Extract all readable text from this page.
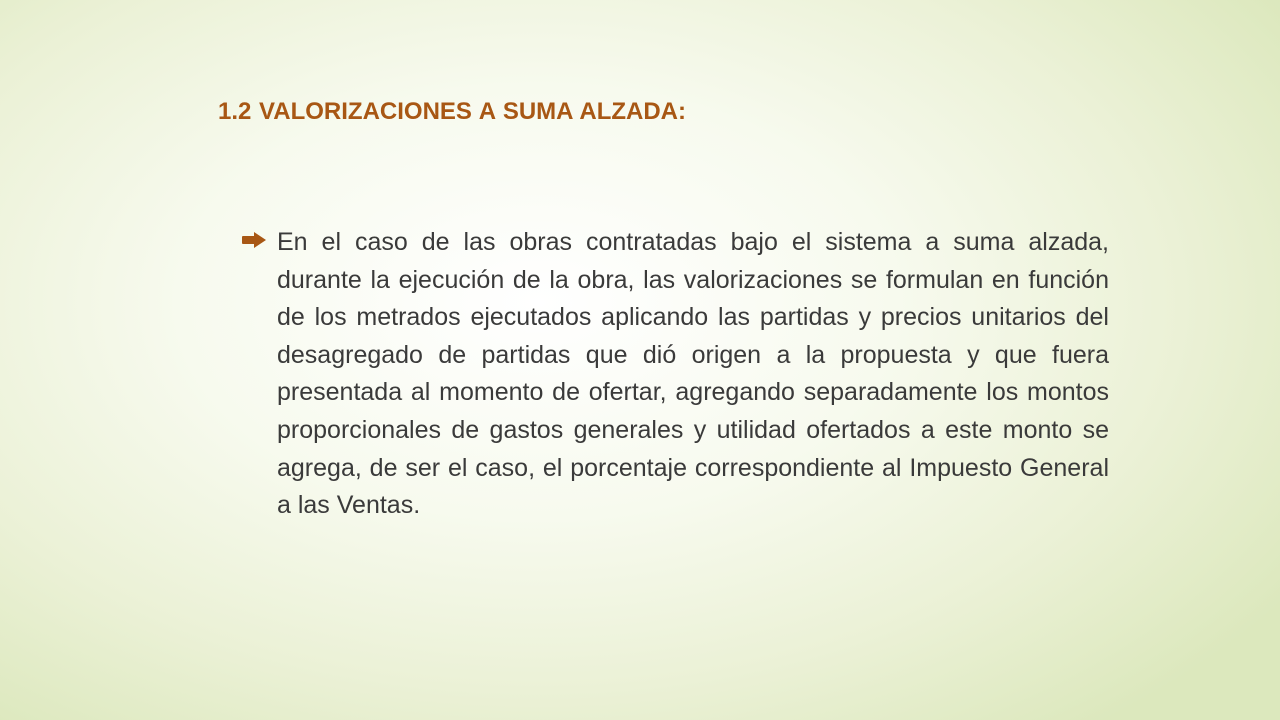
1.2 VALORIZACIONES A SUMA ALZADA:

En el caso de las obras contratadas bajo el sistema a suma alzada, durante la ejecución de la obra, las valorizaciones se formulan en función de los metrados ejecutados aplicando las partidas y precios unitarios del desagregado de partidas que dió origen a la propuesta y que fuera presentada al momento de ofertar, agregando separadamente los montos proporcionales de gastos generales y utilidad ofertados a este monto se agrega, de ser el caso, el porcentaje correspondiente al Impuesto General a las Ventas.
